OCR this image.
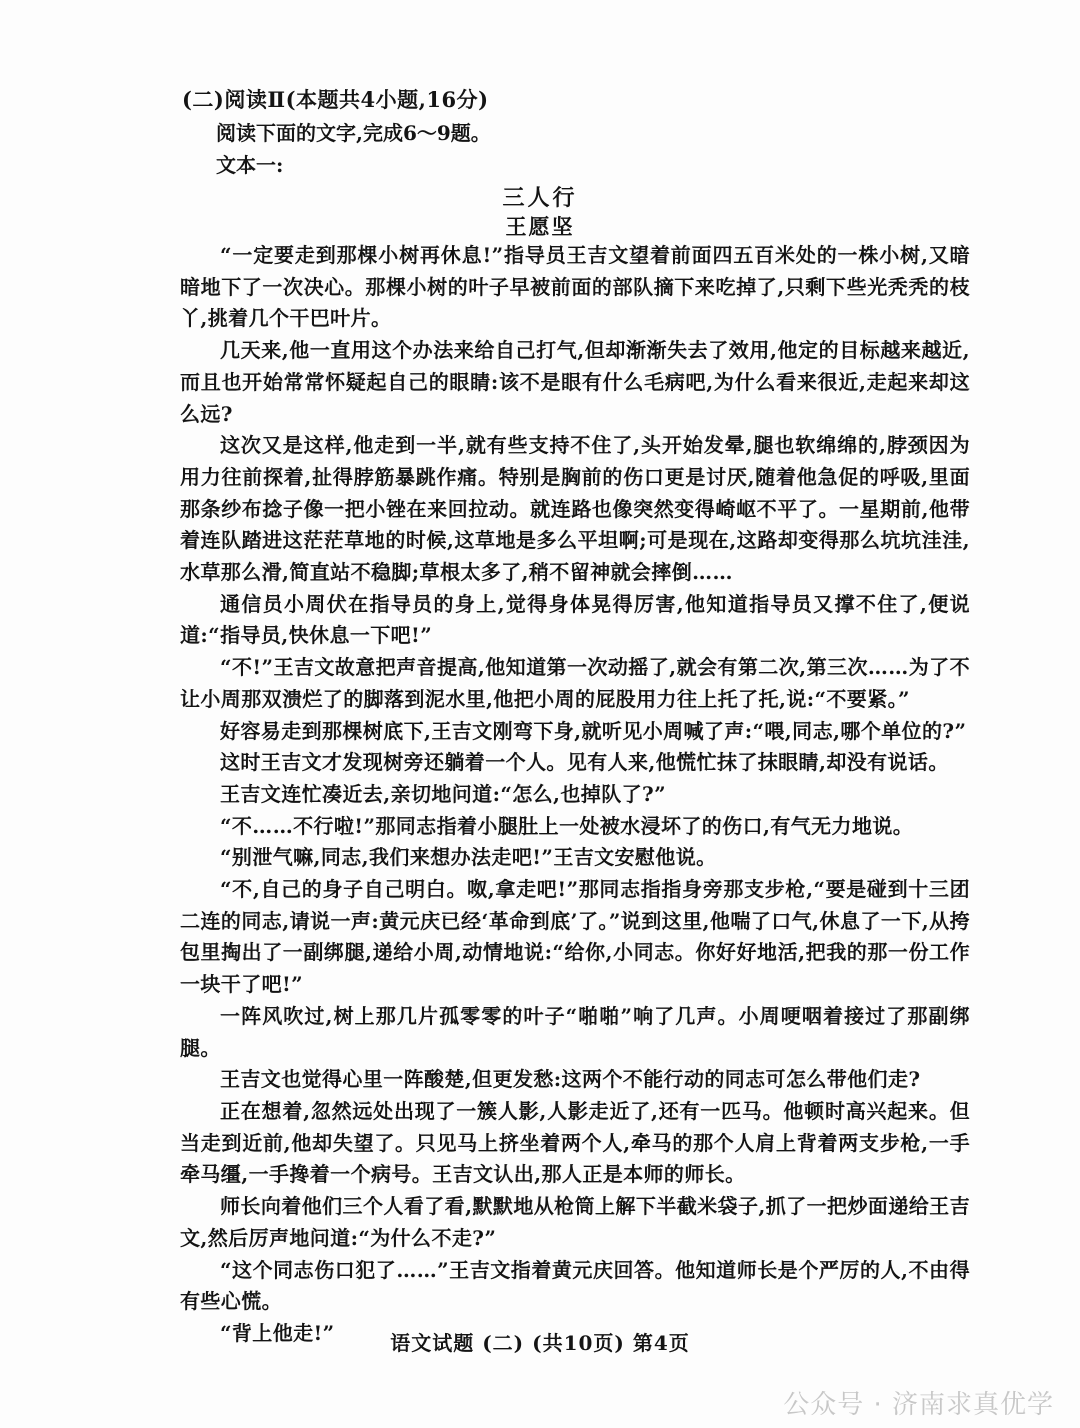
(二)阅读Ⅱ(本题共4小题,16分)
阅读下面的文字,完成6～9题。
文本一:
三人行
王愿坚

“一定要走到那棵小树再休息!”指导员王吉文望着前面四五百米处的一株小树,又暗暗地下了一次决心。那棵小树的叶子早被前面的部队摘下来吃掉了,只剩下些光秃秃的枝丫,挑着几个干巴叶片。

几天来,他一直用这个办法来给自己打气,但却渐渐失去了效用,他定的目标越来越近,而且也开始常常怀疑起自己的眼睛:该不是眼有什么毛病吧,为什么看来很近,走起来却这么远?

这次又是这样,他走到一半,就有些支持不住了,头开始发晕,腿也软绵绵的,脖颈因为用力往前探着,扯得脖筋暴跳作痛。特别是胸前的伤口更是讨厌,随着他急促的呼吸,里面那条纱布捻子像一把小锉在来回拉动。就连路也像突然变得崎岖不平了。一星期前,他带着连队踏进这茫茫草地的时候,这草地是多么平坦啊;可是现在,这路却变得那么坑坑洼洼,水草那么滑,简直站不稳脚;草根太多了,稍不留神就会摔倒……

通信员小周伏在指导员的身上,觉得身体晃得厉害,他知道指导员又撑不住了,便说道:“指导员,快休息一下吧!”

“不!”王吉文故意把声音提高,他知道第一次动摇了,就会有第二次,第三次……为了不让小周那双溃烂了的脚落到泥水里,他把小周的屁股用力往上托了托,说:“不要紧。”

好容易走到那棵树底下,王吉文刚弯下身,就听见小周喊了声:“喂,同志,哪个单位的?”

这时王吉文才发现树旁还躺着一个人。见有人来,他慌忙抹了抹眼睛,却没有说话。

王吉文连忙凑近去,亲切地问道:“怎么,也掉队了?”

“不……不行啦!”那同志指着小腿肚上一处被水浸坏了的伤口,有气无力地说。

“别泄气嘛,同志,我们来想办法走吧!”王吉文安慰他说。

“不,自己的身子自己明白。呶,拿走吧!”那同志指指身旁那支步枪,“要是碰到十三团二连的同志,请说一声:黄元庆已经‘革命到底’了。”说到这里,他喘了口气,休息了一下,从挎包里掏出了一副绑腿,递给小周,动情地说:“给你,小同志。你好好地活,把我的那一份工作一块干了吧!”

一阵风吹过,树上那几片孤零零的叶子“啪啪”响了几声。小周哽咽着接过了那副绑腿。

王吉文也觉得心里一阵酸楚,但更发愁:这两个不能行动的同志可怎么带他们走?

正在想着,忽然远处出现了一簇人影,人影走近了,还有一匹马。他顿时高兴起来。但当走到近前,他却失望了。只见马上挤坐着两个人,牵马的那个人肩上背着两支步枪,一手牵马缰,一手搀着一个病号。王吉文认出,那人正是本师的师长。

师长向着他们三个人看了看,默默地从枪筒上解下半截米袋子,抓了一把炒面递给王吉文,然后厉声地问道:“为什么不走?”

“这个同志伤口犯了……”王吉文指着黄元庆回答。他知道师长是个严厉的人,不由得有些心慌。

“背上他走!”	语文试题 (二) (共10页) 第4页
公众号 · 济南求真优学
